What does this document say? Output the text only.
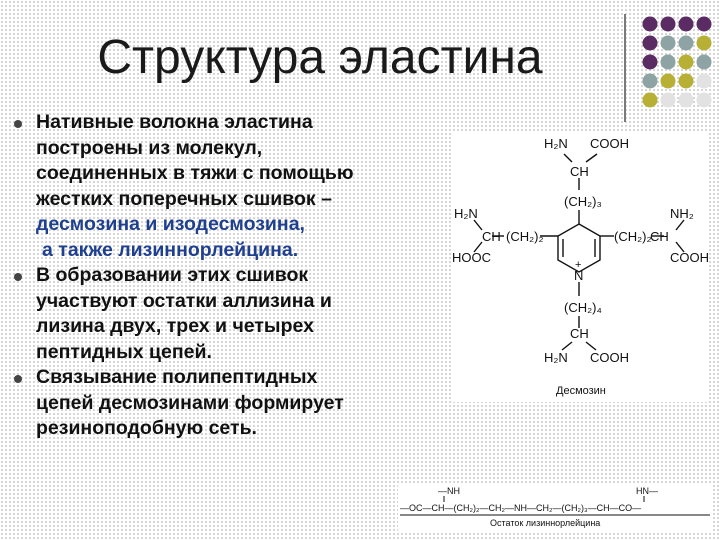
Структура эластина
Нативные волокна эластина
построены из молекул,
соединенных в тяжи с помощью
жестких поперечных сшивок –
десмозина и изодесмозина,
а также лизиннорлейцина.
В образовании этих сшивок
участвуют остатки аллизина и
лизина двух, трех и четырех
пептидных цепей.
Связывание полипептидных
цепей десмозинами формирует
резиноподобную сеть.
H₂N COOH
CH
(CH₂)₃
H₂N
HOOC
CH (CH₂)₂
NH₂
COOH
CH
(CH₂)₂
N
+
(CH₂)₄
CH
H₂N COOH
Десмозин
—NH	HN—
—OC—CH—(CH₂)₂—CH₂—NH—CH₂—(CH₂)₃—CH—CO—
Остаток лизиннорлейцина
